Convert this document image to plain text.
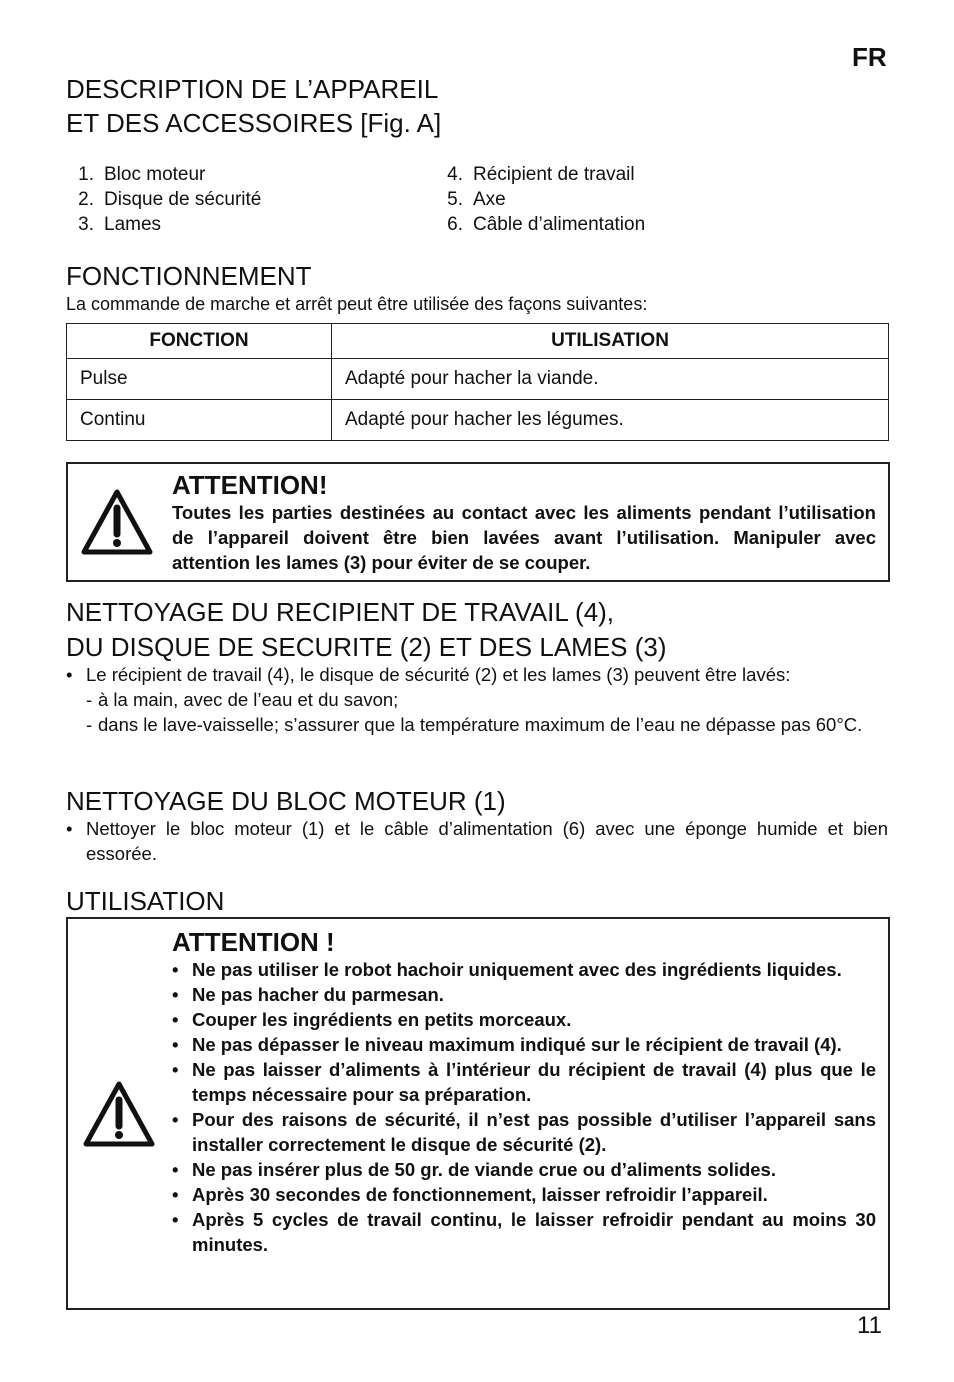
FR
DESCRIPTION DE L’APPAREIL
ET DES ACCESSOIRES [Fig. A]
1. Bloc moteur
2. Disque de sécurité
3. Lames
4. Récipient de travail
5. Axe
6. Câble d’alimentation
FONCTIONNEMENT
La commande de marche et arrêt peut être utilisée des façons suivantes:
FONCTION	UTILISATION
Pulse	Adapté pour hacher la viande.
Continu	Adapté pour hacher les légumes.
ATTENTION!
Toutes les parties destinées au contact avec les aliments pendant l’utilisation de l’appareil doivent être bien lavées avant l’utilisation. Manipuler avec attention les lames (3) pour éviter de se couper.
NETTOYAGE DU RECIPIENT DE TRAVAIL (4),
DU DISQUE DE SECURITE (2) ET DES LAMES (3)
• Le récipient de travail (4), le disque de sécurité (2) et les lames (3) peuvent être lavés:
- à la main, avec de l’eau et du savon;
- dans le lave-vaisselle; s’assurer que la température maximum de l’eau ne dépasse pas 60°C.
NETTOYAGE DU BLOC MOTEUR (1)
• Nettoyer le bloc moteur (1) et le câble d’alimentation (6) avec une éponge humide et bien essorée.
UTILISATION
ATTENTION !
• Ne pas utiliser le robot hachoir uniquement avec des ingrédients liquides.
• Ne pas hacher du parmesan.
• Couper les ingrédients en petits morceaux.
• Ne pas dépasser le niveau maximum indiqué sur le récipient de travail (4).
• Ne pas laisser d’aliments à l’intérieur du récipient de travail (4) plus que le temps nécessaire pour sa préparation.
• Pour des raisons de sécurité, il n’est pas possible d’utiliser l’appareil sans installer correctement le disque de sécurité (2).
• Ne pas insérer plus de 50 gr. de viande crue ou d’aliments solides.
• Après 30 secondes de fonctionnement, laisser refroidir l’appareil.
• Après 5 cycles de travail continu, le laisser refroidir pendant au moins 30 minutes.
11
